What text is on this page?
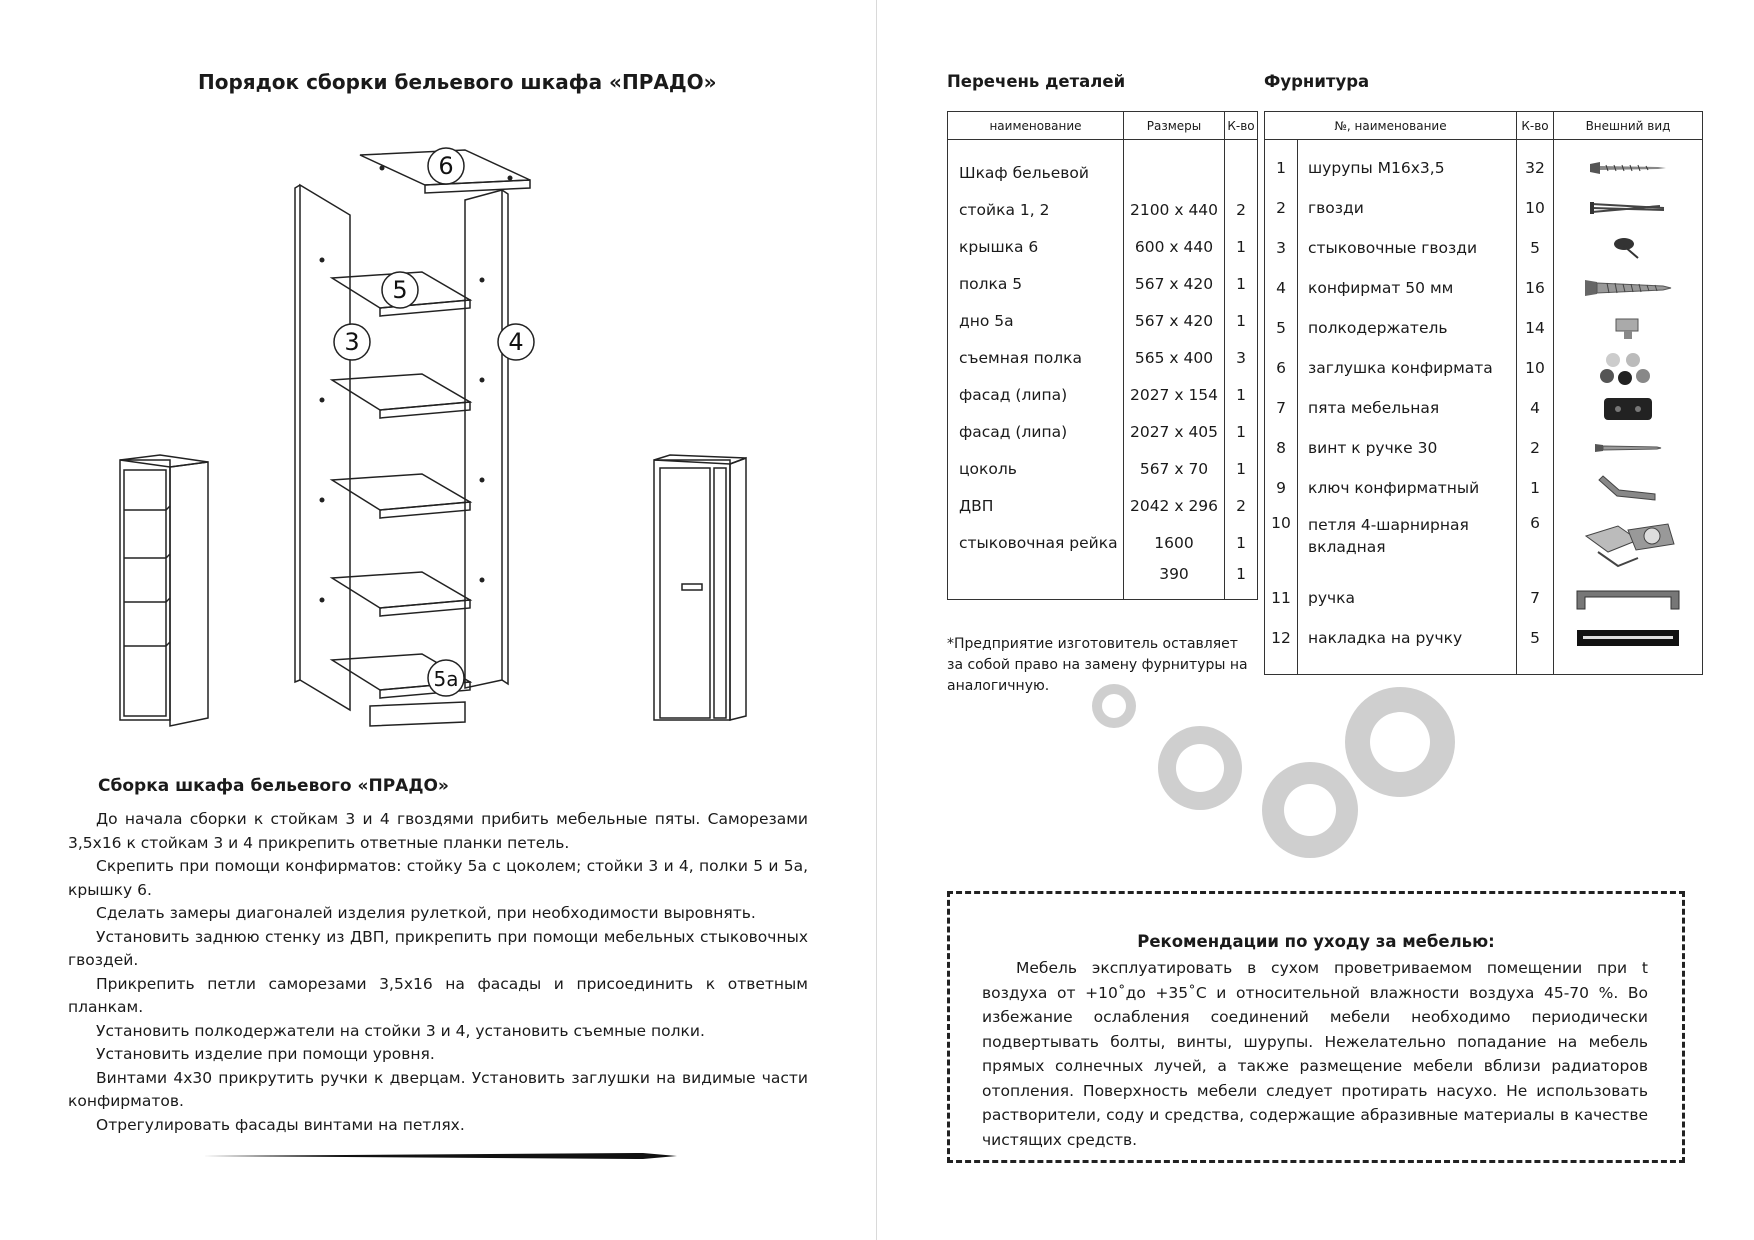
Порядок сборки бельевого шкафа «ПРАДО»
6
5
3	4
5а
Сборка шкафа бельевого «ПРАДО»

До начала сборки к стойкам 3 и 4 гвоздями прибить мебельные пяты. Саморезами 3,5х16 к стойкам 3 и 4 прикрепить ответные планки петель.

Скрепить при помощи конфирматов: стойку 5а с цоколем; стойки 3 и 4, полки 5 и 5а, крышку 6.

Сделать замеры диагоналей изделия рулеткой, при необходимости выровнять.

Установить заднюю стенку из ДВП, прикрепить при помощи мебельных стыковочных гвоздей.

Прикрепить петли саморезами 3,5х16 на фасады и присоединить к ответным планкам.

Установить полкодержатели на стойки 3 и 4, установить съемные полки.

Установить изделие при помощи уровня.

Винтами 4х30 прикрутить ручки к дверцам. Установить заглушки на видимые части конфирматов.

Отрегулировать фасады винтами на петлях.

Перечень деталей	Фурнитура
наименование	Размеры	К-во

Шкаф бельевой		
стойка 1, 2	2100 х 440	2
крышка 6	600 х 440	1
полка 5	567 х 420	1
дно 5а	567 х 420	1
съемная полка	565 х 400	3
фасад (липа)	2027 х 154	1
фасад (липа)	2027 х 405	1
цоколь	567 х 70	1
ДВП	2042 х 296	2
стыковочная рейка	1600	1
	390	1
*Предприятие изготовитель оставляет за собой право на замену фурнитуры на аналогичную.
№, наименование		К-во	Внешний вид

1	шурупы М16х3,5	32	

2	гвозди	10	

3	стыковочные гвозди	5	

4	конфирмат 50 мм	16	

5	полкодержатель	14	

6	заглушка конфирмата	10	

7	пята мебельная	4	

8	винт к ручке 30	2	

9	ключ конфирматный	1	

10	петля 4-шарнирная вкладная	6	

11	ручка	7	

12	накладка на ручку	5	

Рекомендации по уходу за мебелью:

Мебель эксплуатировать в сухом проветриваемом помещении при t воздуха от +10˚до +35˚С и относительной влажности воздуха 45-70 %. Во избежание ослабления соединений мебели необходимо периодически подвертывать болты, винты, шурупы. Нежелательно попадание на мебель прямых солнечных лучей, а также размещение мебели вблизи радиаторов отопления. Поверхность мебели следует протирать насухо. Не использовать растворители, соду и средства, содержащие абразивные материалы в качестве чистящих средств.
